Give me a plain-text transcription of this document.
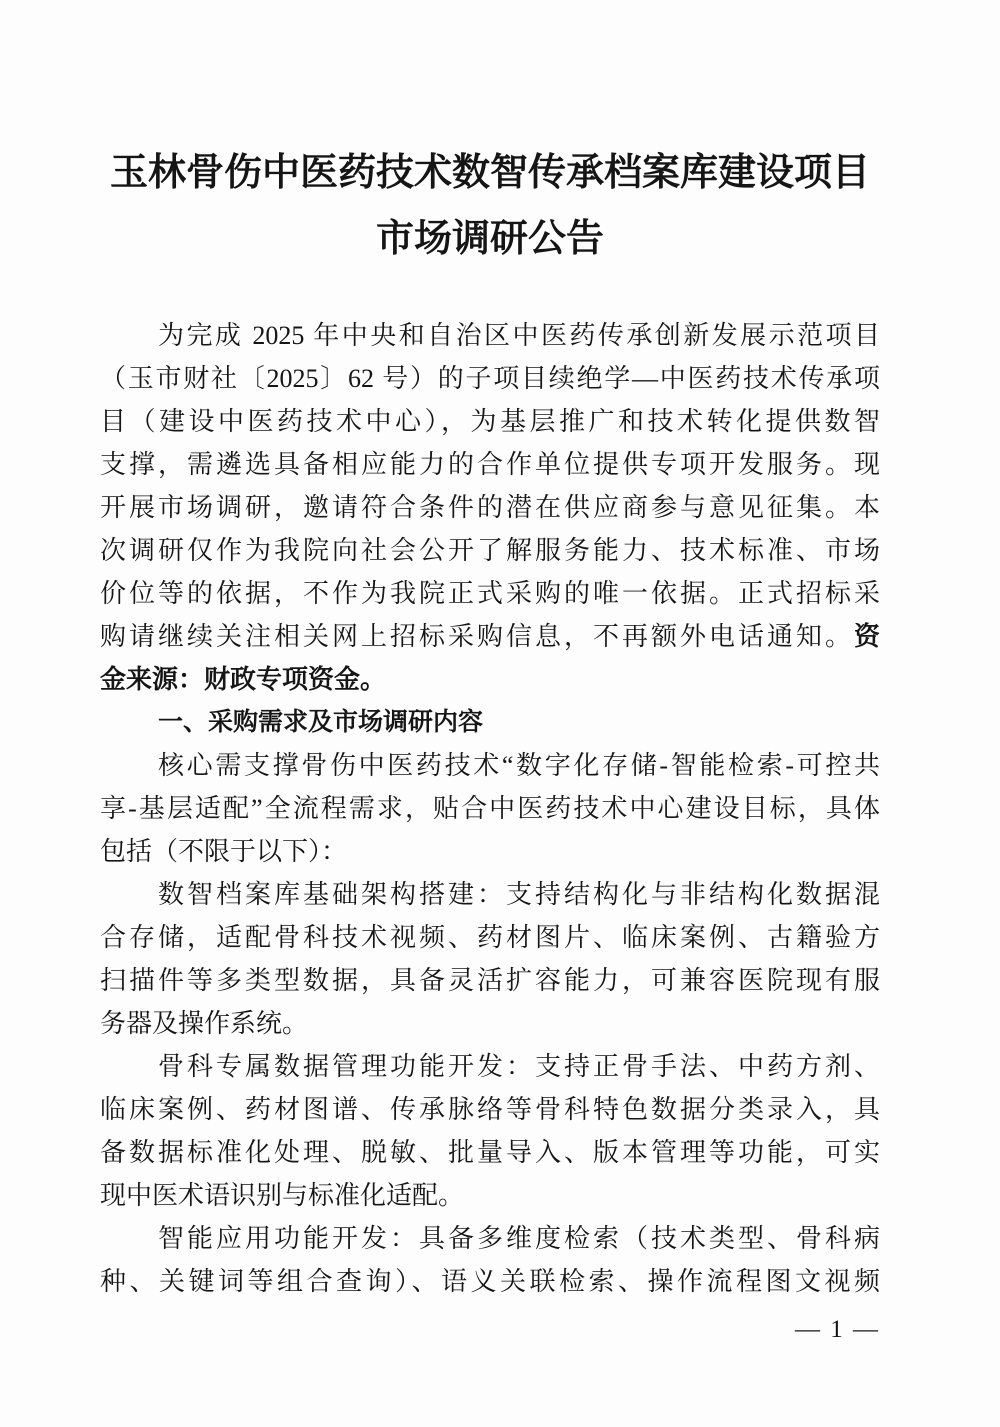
玉林骨伤中医药技术数智传承档案库建设项目
市场调研公告
为完成 2025 年中央和自治区中医药传承创新发展示范项目
（玉市财社〔2025〕62 号）的子项目续绝学—中医药技术传承项
目（建设中医药技术中心），为基层推广和技术转化提供数智
支撑，需遴选具备相应能力的合作单位提供专项开发服务。现
开展市场调研，邀请符合条件的潜在供应商参与意见征集。本
次调研仅作为我院向社会公开了解服务能力、技术标准、市场
价位等的依据，不作为我院正式采购的唯一依据。正式招标采
购请继续关注相关网上招标采购信息，不再额外电话通知。资
金来源：财政专项资金。
一、采购需求及市场调研内容
核心需支撑骨伤中医药技术“数字化存储-智能检索-可控共
享-基层适配”全流程需求，贴合中医药技术中心建设目标，具体
包括（不限于以下）：
数智档案库基础架构搭建：支持结构化与非结构化数据混
合存储，适配骨科技术视频、药材图片、临床案例、古籍验方
扫描件等多类型数据，具备灵活扩容能力，可兼容医院现有服
务器及操作系统。
骨科专属数据管理功能开发：支持正骨手法、中药方剂、
临床案例、药材图谱、传承脉络等骨科特色数据分类录入，具
备数据标准化处理、脱敏、批量导入、版本管理等功能，可实
现中医术语识别与标准化适配。
智能应用功能开发：具备多维度检索（技术类型、骨科病
种、关键词等组合查询）、语义关联检索、操作流程图文视频
— 1 —
